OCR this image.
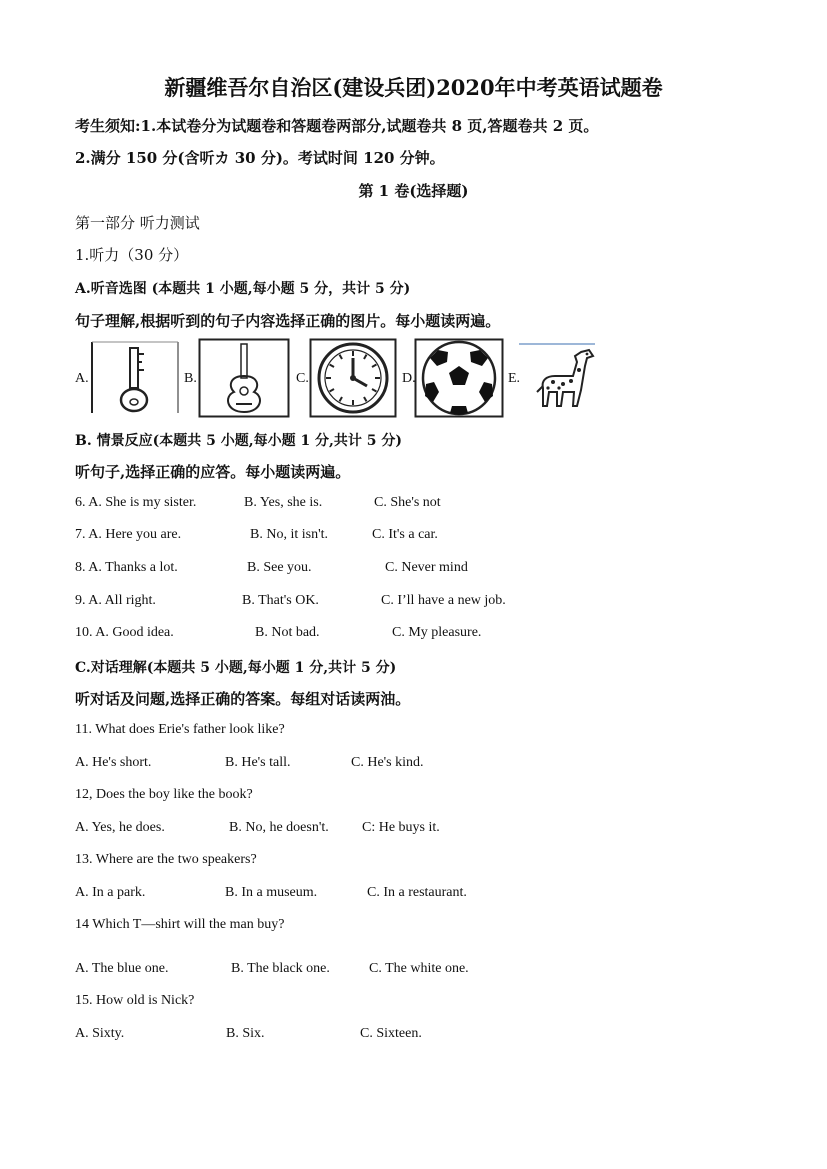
新疆维吾尔自治区(建设兵团)2020年中考英语试题卷
考生须知:1.本试卷分为试题卷和答题卷两部分,试题卷共 8 页,答题卷共 2 页。
2.满分 150 分(含听カ 30 分)。考试时间 120 分钟。
第 1 卷(选择题)
第一部分 听力测试
1.听力（30 分）
A.听音选图 (本题共 1 小题,每小题 5 分，共计 5 分)
句子理解,根据听到的句子内容选择正确的图片。每小题读两遍。
A.	B.	C.	D.	E.
B. 情景反应(本题共 5 小题,每小题 1 分,共计 5 分)
听句子,选择正确的应答。每小题读两遍。
6. A. She is my sister.	B. Yes, she is.	C. She's not
7. A. Here you are.	B. No, it isn't.	C. It's a car.
8. A. Thanks a lot.	B. See you.	C. Never mind
9. A. All right.	B. That's OK.	C. I’ll have a new job.
10. A. Good idea.	B. Not bad.	C. My pleasure.
C.对话理解(本题共 5 小题,每小题 1 分,共计 5 分)
听对话及问题,选择正确的答案。每组对话读两油。
11. What does Erie's father look like?
A. He's short.	B. He's tall.	C. He's kind.
12, Does the boy like the book?
A. Yes, he does.	B. No, he doesn't. C: He buys it.
13. Where are the two speakers?
A. In a park.	B. In a museum.	C. In a restaurant.
14 Which T—shirt will the man buy?
A. The blue one.	B. The black one.	C. The white one.
15. How old is Nick?
A. Sixty.	B. Six.	C. Sixteen.
